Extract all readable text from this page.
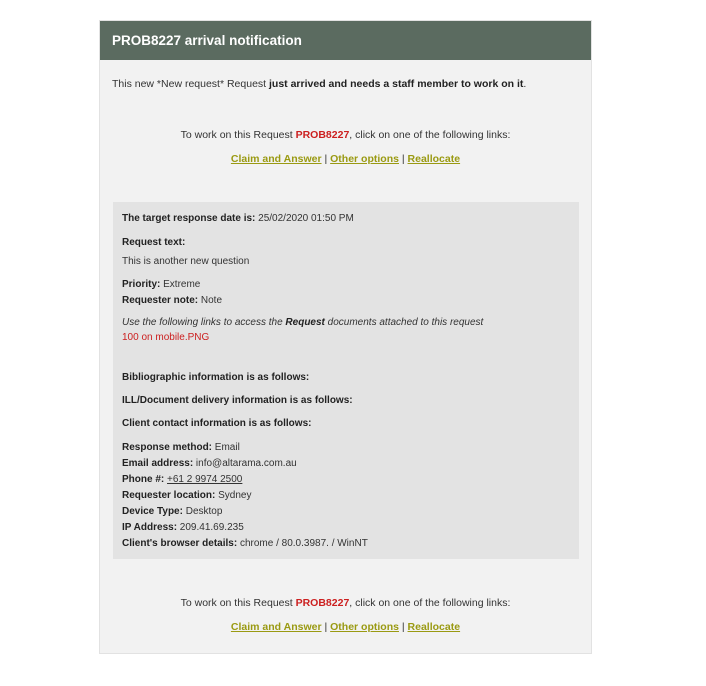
PROB8227 arrival notification
This new *New request* Request just arrived and needs a staff member to work on it.
To work on this Request PROB8227, click on one of the following links:
Claim and Answer | Other options | Reallocate
The target response date is: 25/02/2020 01:50 PM
Request text:
This is another new question
Priority: Extreme
Requester note: Note
Use the following links to access the Request documents attached to this request
100 on mobile.PNG
Bibliographic information is as follows:
ILL/Document delivery information is as follows:
Client contact information is as follows:
Response method: Email
Email address: info@altarama.com.au
Phone #: +61 2 9974 2500
Requester location: Sydney
Device Type: Desktop
IP Address: 209.41.69.235
Client's browser details: chrome / 80.0.3987. / WinNT
To work on this Request PROB8227, click on one of the following links:
Claim and Answer | Other options | Reallocate
